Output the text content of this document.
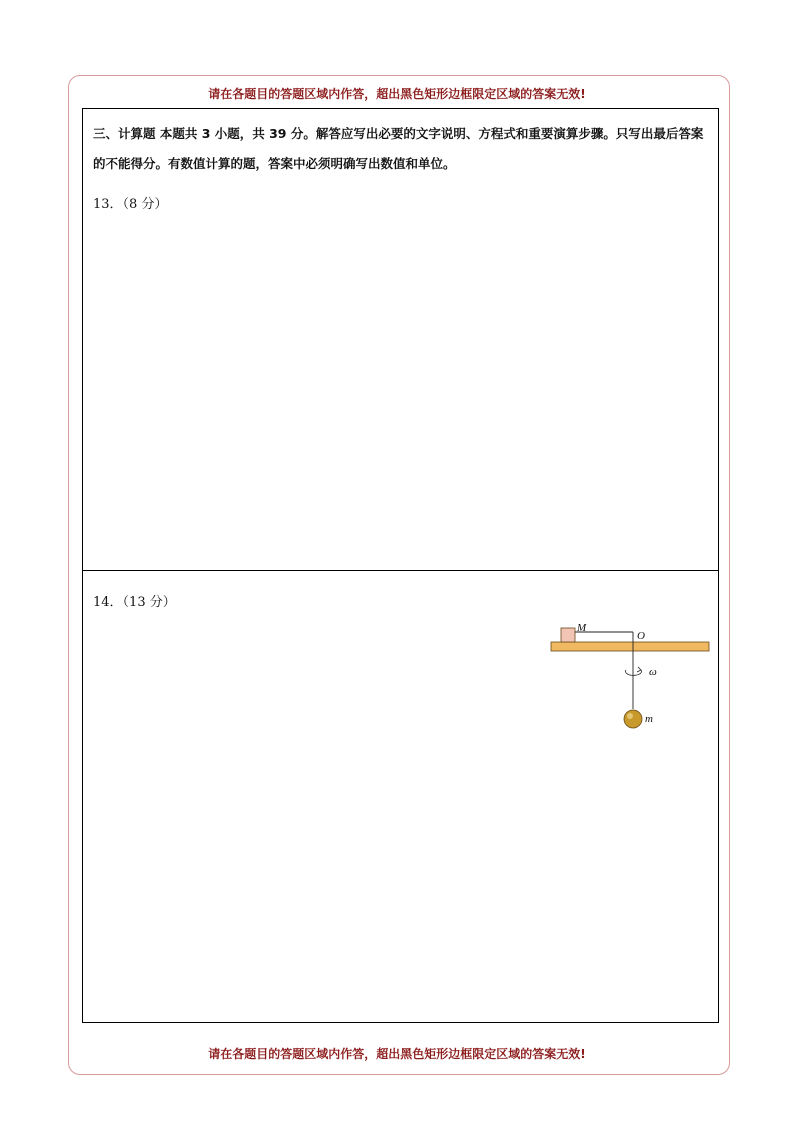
请在各题目的答题区域内作答，超出黑色矩形边框限定区域的答案无效!
三、计算题 本题共 3 小题，共 39 分。解答应写出必要的文字说明、方程式和重要演算步骤。只写出最后答案的不能得分。有数值计算的题，答案中必须明确写出数值和单位。
13．（8 分）
14．（13 分）
M
O
ω
m
请在各题目的答题区域内作答，超出黑色矩形边框限定区域的答案无效!
